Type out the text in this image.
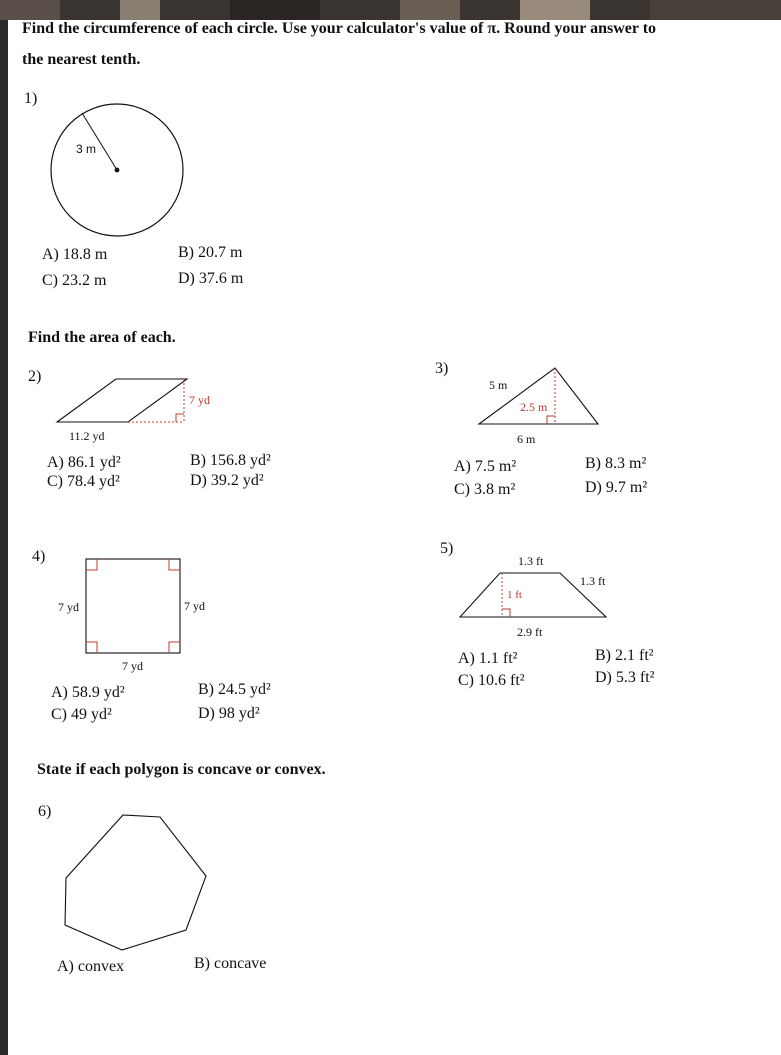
Find the circumference of each circle. Use your calculator's value of π. Round your answer to
the nearest tenth.
1)
3 m
A) 18.8 m	B) 20.7 m
C) 23.2 m	D) 37.6 m
Find the area of each.
2)
7 yd
11.2 yd
A) 86.1 yd²	B) 156.8 yd²
C) 78.4 yd²	D) 39.2 yd²
3)
5 m
2.5 m
6 m
A) 7.5 m²	B) 8.3 m²
C) 3.8 m²	D) 9.7 m²
4)
7 yd	7 yd
7 yd
A) 58.9 yd²	B) 24.5 yd²
C) 49 yd²	D) 98 yd²
5)
1.3 ft
1.3 ft
1 ft
2.9 ft
A) 1.1 ft²	B) 2.1 ft²
C) 10.6 ft²	D) 5.3 ft²
State if each polygon is concave or convex.
6)
A) convex	B) concave
